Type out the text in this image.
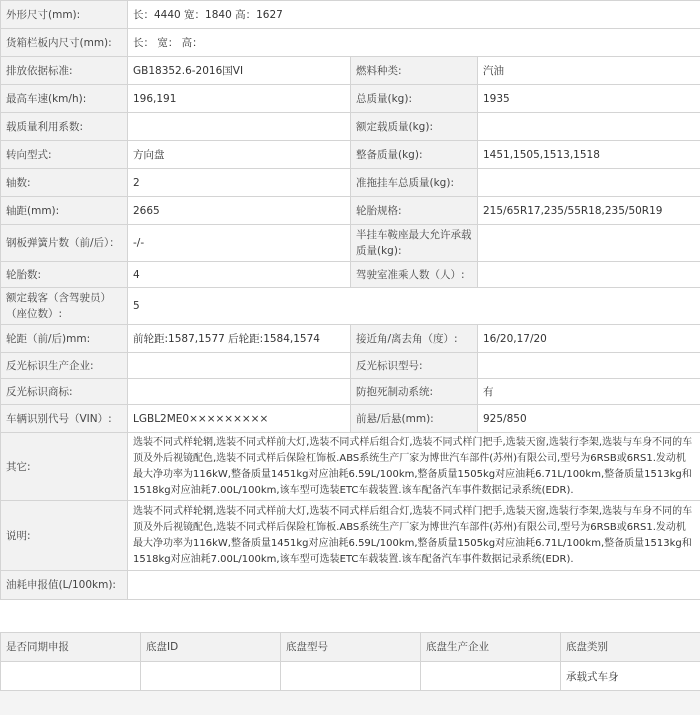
外形尺寸(mm):	长：4440 宽：1840 高：1627		
货箱栏板内尺寸(mm):	长： 宽： 高：		
排放依据标准:	GB18352.6-2016国VI	燃料种类:	汽油
最高车速(km/h):	196,191	总质量(kg):	1935
载质量利用系数:		额定载质量(kg):	
转向型式:	方向盘	整备质量(kg):	1451,1505,1513,1518
轴数:	2	准拖挂车总质量(kg):	
轴距(mm):	2665	轮胎规格:	215/65R17,235/55R18,235/50R19
钢板弹簧片数（前/后）：	-/-	半挂车鞍座最大允许承载质量(kg):	
轮胎数:	4	驾驶室准乘人数（人）:	
额定载客（含驾驶员）（座位数）:	5		
轮距（前/后)mm:	前轮距:1587,1577 后轮距:1584,1574	接近角/离去角（度）:	16/20,17/20
反光标识生产企业:		反光标识型号:	
反光标识商标:		防抱死制动系统:	有
车辆识别代号（VIN）:	LGBL2ME0×××××××××	前悬/后悬(mm):	925/850
其它:	选装不同式样轮辋,选装不同式样前大灯,选装不同式样后组合灯,选装不同式样门把手,选装天窗,选装行李架,选装与车身不同的车顶及外后视镜配色,选装不同式样后保险杠饰板.ABS系统生产厂家为博世汽车部件(苏州)有限公司,型号为6RSB或6RS1.发动机最大净功率为116kW,整备质量1451kg对应油耗6.59L/100km,整备质量1505kg对应油耗6.71L/100km,整备质量1513kg和1518kg对应油耗7.00L/100km,该车型可选装ETC车载装置.该车配备汽车事件数据记录系统(EDR).		
说明:	选装不同式样轮辋,选装不同式样前大灯,选装不同式样后组合灯,选装不同式样门把手,选装天窗,选装行李架,选装与车身不同的车顶及外后视镜配色,选装不同式样后保险杠饰板.ABS系统生产厂家为博世汽车部件(苏州)有限公司,型号为6RSB或6RS1.发动机最大净功率为116kW,整备质量1451kg对应油耗6.59L/100km,整备质量1505kg对应油耗6.71L/100km,整备质量1513kg和1518kg对应油耗7.00L/100km,该车型可选装ETC车载装置.该车配备汽车事件数据记录系统(EDR).		
油耗申报值(L/100km):			
是否同期申报	底盘ID	底盘型号	底盘生产企业	底盘类别
				承载式车身
